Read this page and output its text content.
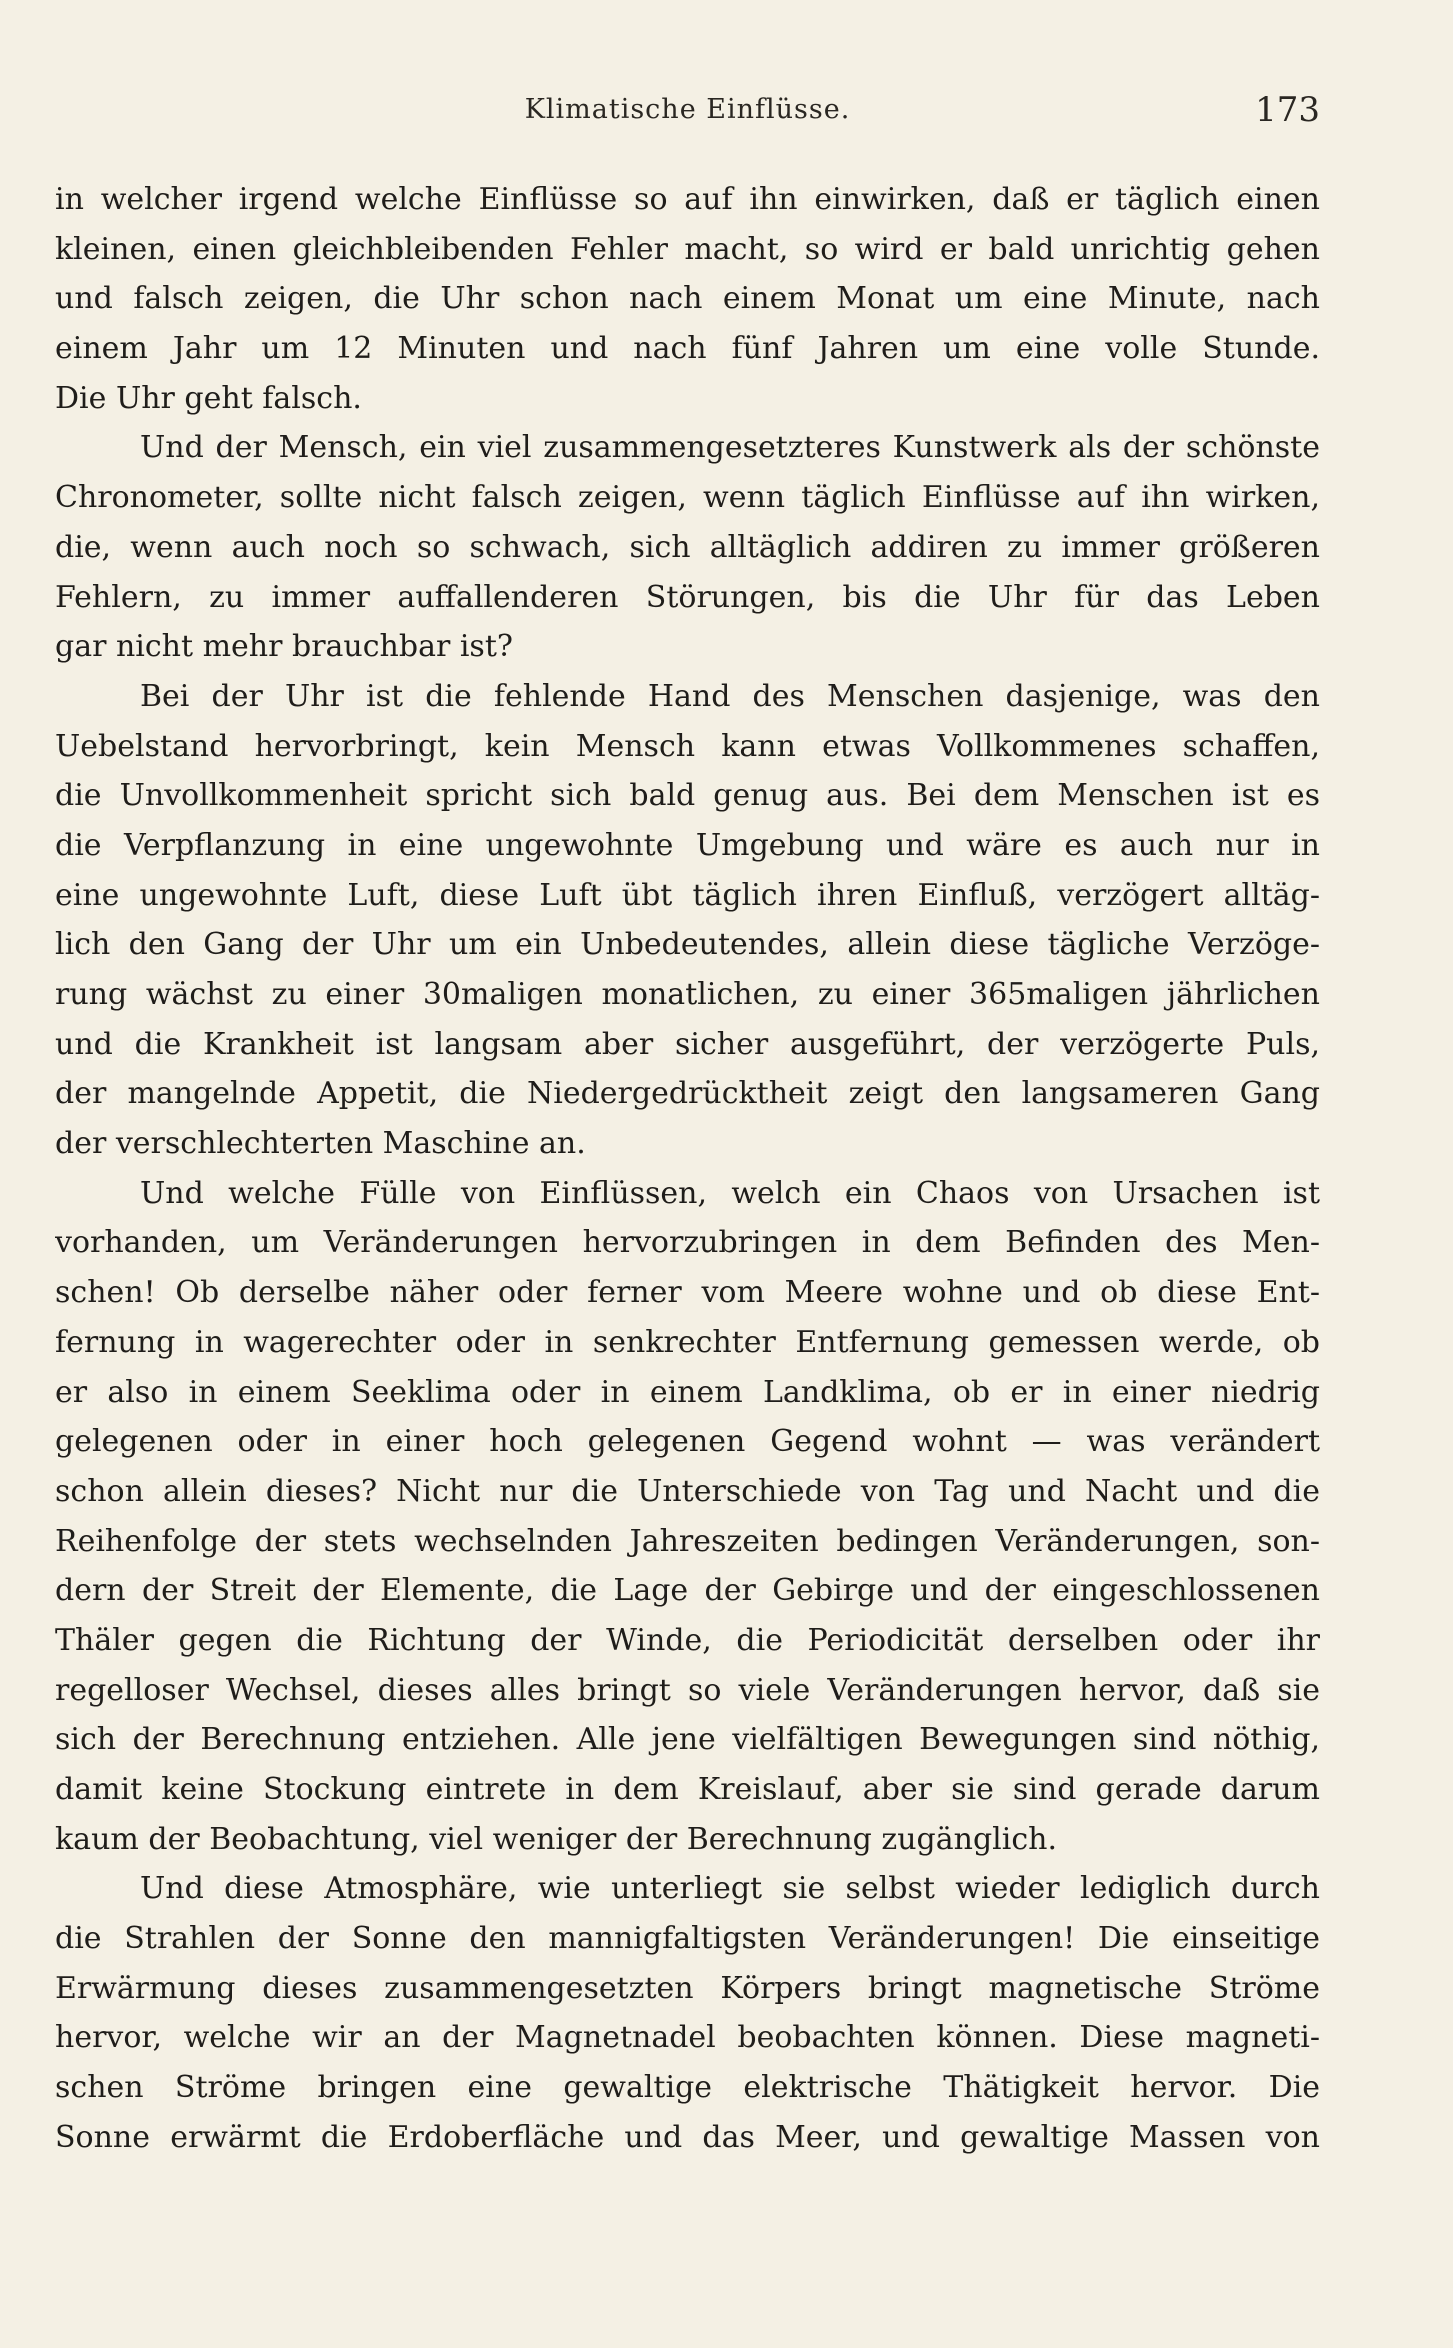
Klimatische Einflüsse.	173
in welcher irgend welche Einflüsse so auf ihn einwirken, daß er täglich einen
kleinen, einen gleichbleibenden Fehler macht, so wird er bald unrichtig gehen
und falsch zeigen, die Uhr schon nach einem Monat um eine Minute, nach
einem Jahr um 12 Minuten und nach fünf Jahren um eine volle Stunde.
Die Uhr geht falsch.
Und der Mensch, ein viel zusammengesetzteres Kunstwerk als der schönste
Chronometer, sollte nicht falsch zeigen, wenn täglich Einflüsse auf ihn wirken,
die, wenn auch noch so schwach, sich alltäglich addiren zu immer größeren
Fehlern, zu immer auffallenderen Störungen, bis die Uhr für das Leben
gar nicht mehr brauchbar ist?
Bei der Uhr ist die fehlende Hand des Menschen dasjenige, was den
Uebelstand hervorbringt, kein Mensch kann etwas Vollkommenes schaffen,
die Unvollkommenheit spricht sich bald genug aus. Bei dem Menschen ist es
die Verpflanzung in eine ungewohnte Umgebung und wäre es auch nur in
eine ungewohnte Luft, diese Luft übt täglich ihren Einfluß, verzögert alltäg-
lich den Gang der Uhr um ein Unbedeutendes, allein diese tägliche Verzöge-
rung wächst zu einer 30maligen monatlichen, zu einer 365maligen jährlichen
und die Krankheit ist langsam aber sicher ausgeführt, der verzögerte Puls,
der mangelnde Appetit, die Niedergedrücktheit zeigt den langsameren Gang
der verschlechterten Maschine an.
Und welche Fülle von Einflüssen, welch ein Chaos von Ursachen ist
vorhanden, um Veränderungen hervorzubringen in dem Befinden des Men-
schen! Ob derselbe näher oder ferner vom Meere wohne und ob diese Ent-
fernung in wagerechter oder in senkrechter Entfernung gemessen werde, ob
er also in einem Seeklima oder in einem Landklima, ob er in einer niedrig
gelegenen oder in einer hoch gelegenen Gegend wohnt — was verändert
schon allein dieses? Nicht nur die Unterschiede von Tag und Nacht und die
Reihenfolge der stets wechselnden Jahreszeiten bedingen Veränderungen, son-
dern der Streit der Elemente, die Lage der Gebirge und der eingeschlossenen
Thäler gegen die Richtung der Winde, die Periodicität derselben oder ihr
regelloser Wechsel, dieses alles bringt so viele Veränderungen hervor, daß sie
sich der Berechnung entziehen. Alle jene vielfältigen Bewegungen sind nöthig,
damit keine Stockung eintrete in dem Kreislauf, aber sie sind gerade darum
kaum der Beobachtung, viel weniger der Berechnung zugänglich.
Und diese Atmosphäre, wie unterliegt sie selbst wieder lediglich durch
die Strahlen der Sonne den mannigfaltigsten Veränderungen! Die einseitige
Erwärmung dieses zusammengesetzten Körpers bringt magnetische Ströme
hervor, welche wir an der Magnetnadel beobachten können. Diese magneti-
schen Ströme bringen eine gewaltige elektrische Thätigkeit hervor. Die
Sonne erwärmt die Erdoberfläche und das Meer, und gewaltige Massen von
